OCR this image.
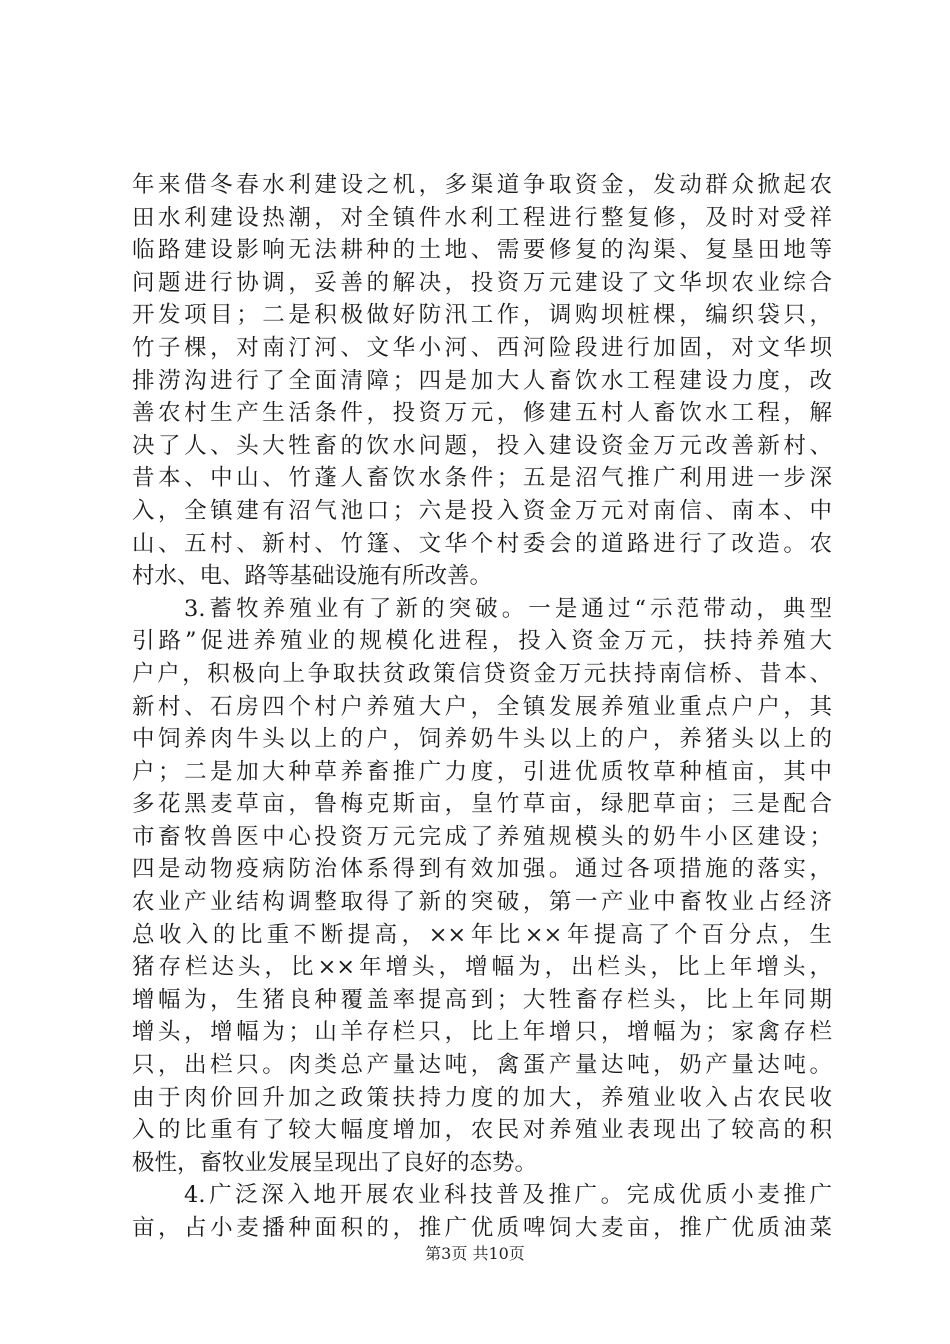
年来借冬春水利建设之机，多渠道争取资金，发动群众掀起农
田水利建设热潮，对全镇件水利工程进行整复修，及时对受祥
临路建设影响无法耕种的土地、需要修复的沟渠、复垦田地等
问题进行协调，妥善的解决，投资万元建设了文华坝农业综合
开发项目；二是积极做好防汛工作，调购坝桩棵，编织袋只，
竹子棵，对南汀河、文华小河、西河险段进行加固，对文华坝
排涝沟进行了全面清障；四是加大人畜饮水工程建设力度，改
善农村生产生活条件，投资万元，修建五村人畜饮水工程，解
决了人、头大牲畜的饮水问题，投入建设资金万元改善新村、
昔本、中山、竹蓬人畜饮水条件；五是沼气推广利用进一步深
入，全镇建有沼气池口；六是投入资金万元对南信、南本、中
山、五村、新村、竹篷、文华个村委会的道路进行了改造。农
村水、电、路等基础设施有所改善。
3.蓄牧养殖业有了新的突破。一是通过“示范带动，典型
引路”促进养殖业的规模化进程，投入资金万元，扶持养殖大
户户，积极向上争取扶贫政策信贷资金万元扶持南信桥、昔本、
新村、石房四个村户养殖大户，全镇发展养殖业重点户户，其
中饲养肉牛头以上的户，饲养奶牛头以上的户，养猪头以上的
户；二是加大种草养畜推广力度，引进优质牧草种植亩，其中
多花黑麦草亩，鲁梅克斯亩，皇竹草亩，绿肥草亩；三是配合
市畜牧兽医中心投资万元完成了养殖规模头的奶牛小区建设；
四是动物疫病防治体系得到有效加强。通过各项措施的落实，
农业产业结构调整取得了新的突破，第一产业中畜牧业占经济
总收入的比重不断提高，××年比××年提高了个百分点，生
猪存栏达头，比××年增头，增幅为，出栏头，比上年增头，
增幅为，生猪良种覆盖率提高到；大牲畜存栏头，比上年同期
增头，增幅为；山羊存栏只，比上年增只，增幅为；家禽存栏
只，出栏只。肉类总产量达吨，禽蛋产量达吨，奶产量达吨。
由于肉价回升加之政策扶持力度的加大，养殖业收入占农民收
入的比重有了较大幅度增加，农民对养殖业表现出了较高的积
极性，畜牧业发展呈现出了良好的态势。
4.广泛深入地开展农业科技普及推广。完成优质小麦推广
亩，占小麦播种面积的，推广优质啤饲大麦亩，推广优质油菜
第3页 共10页
